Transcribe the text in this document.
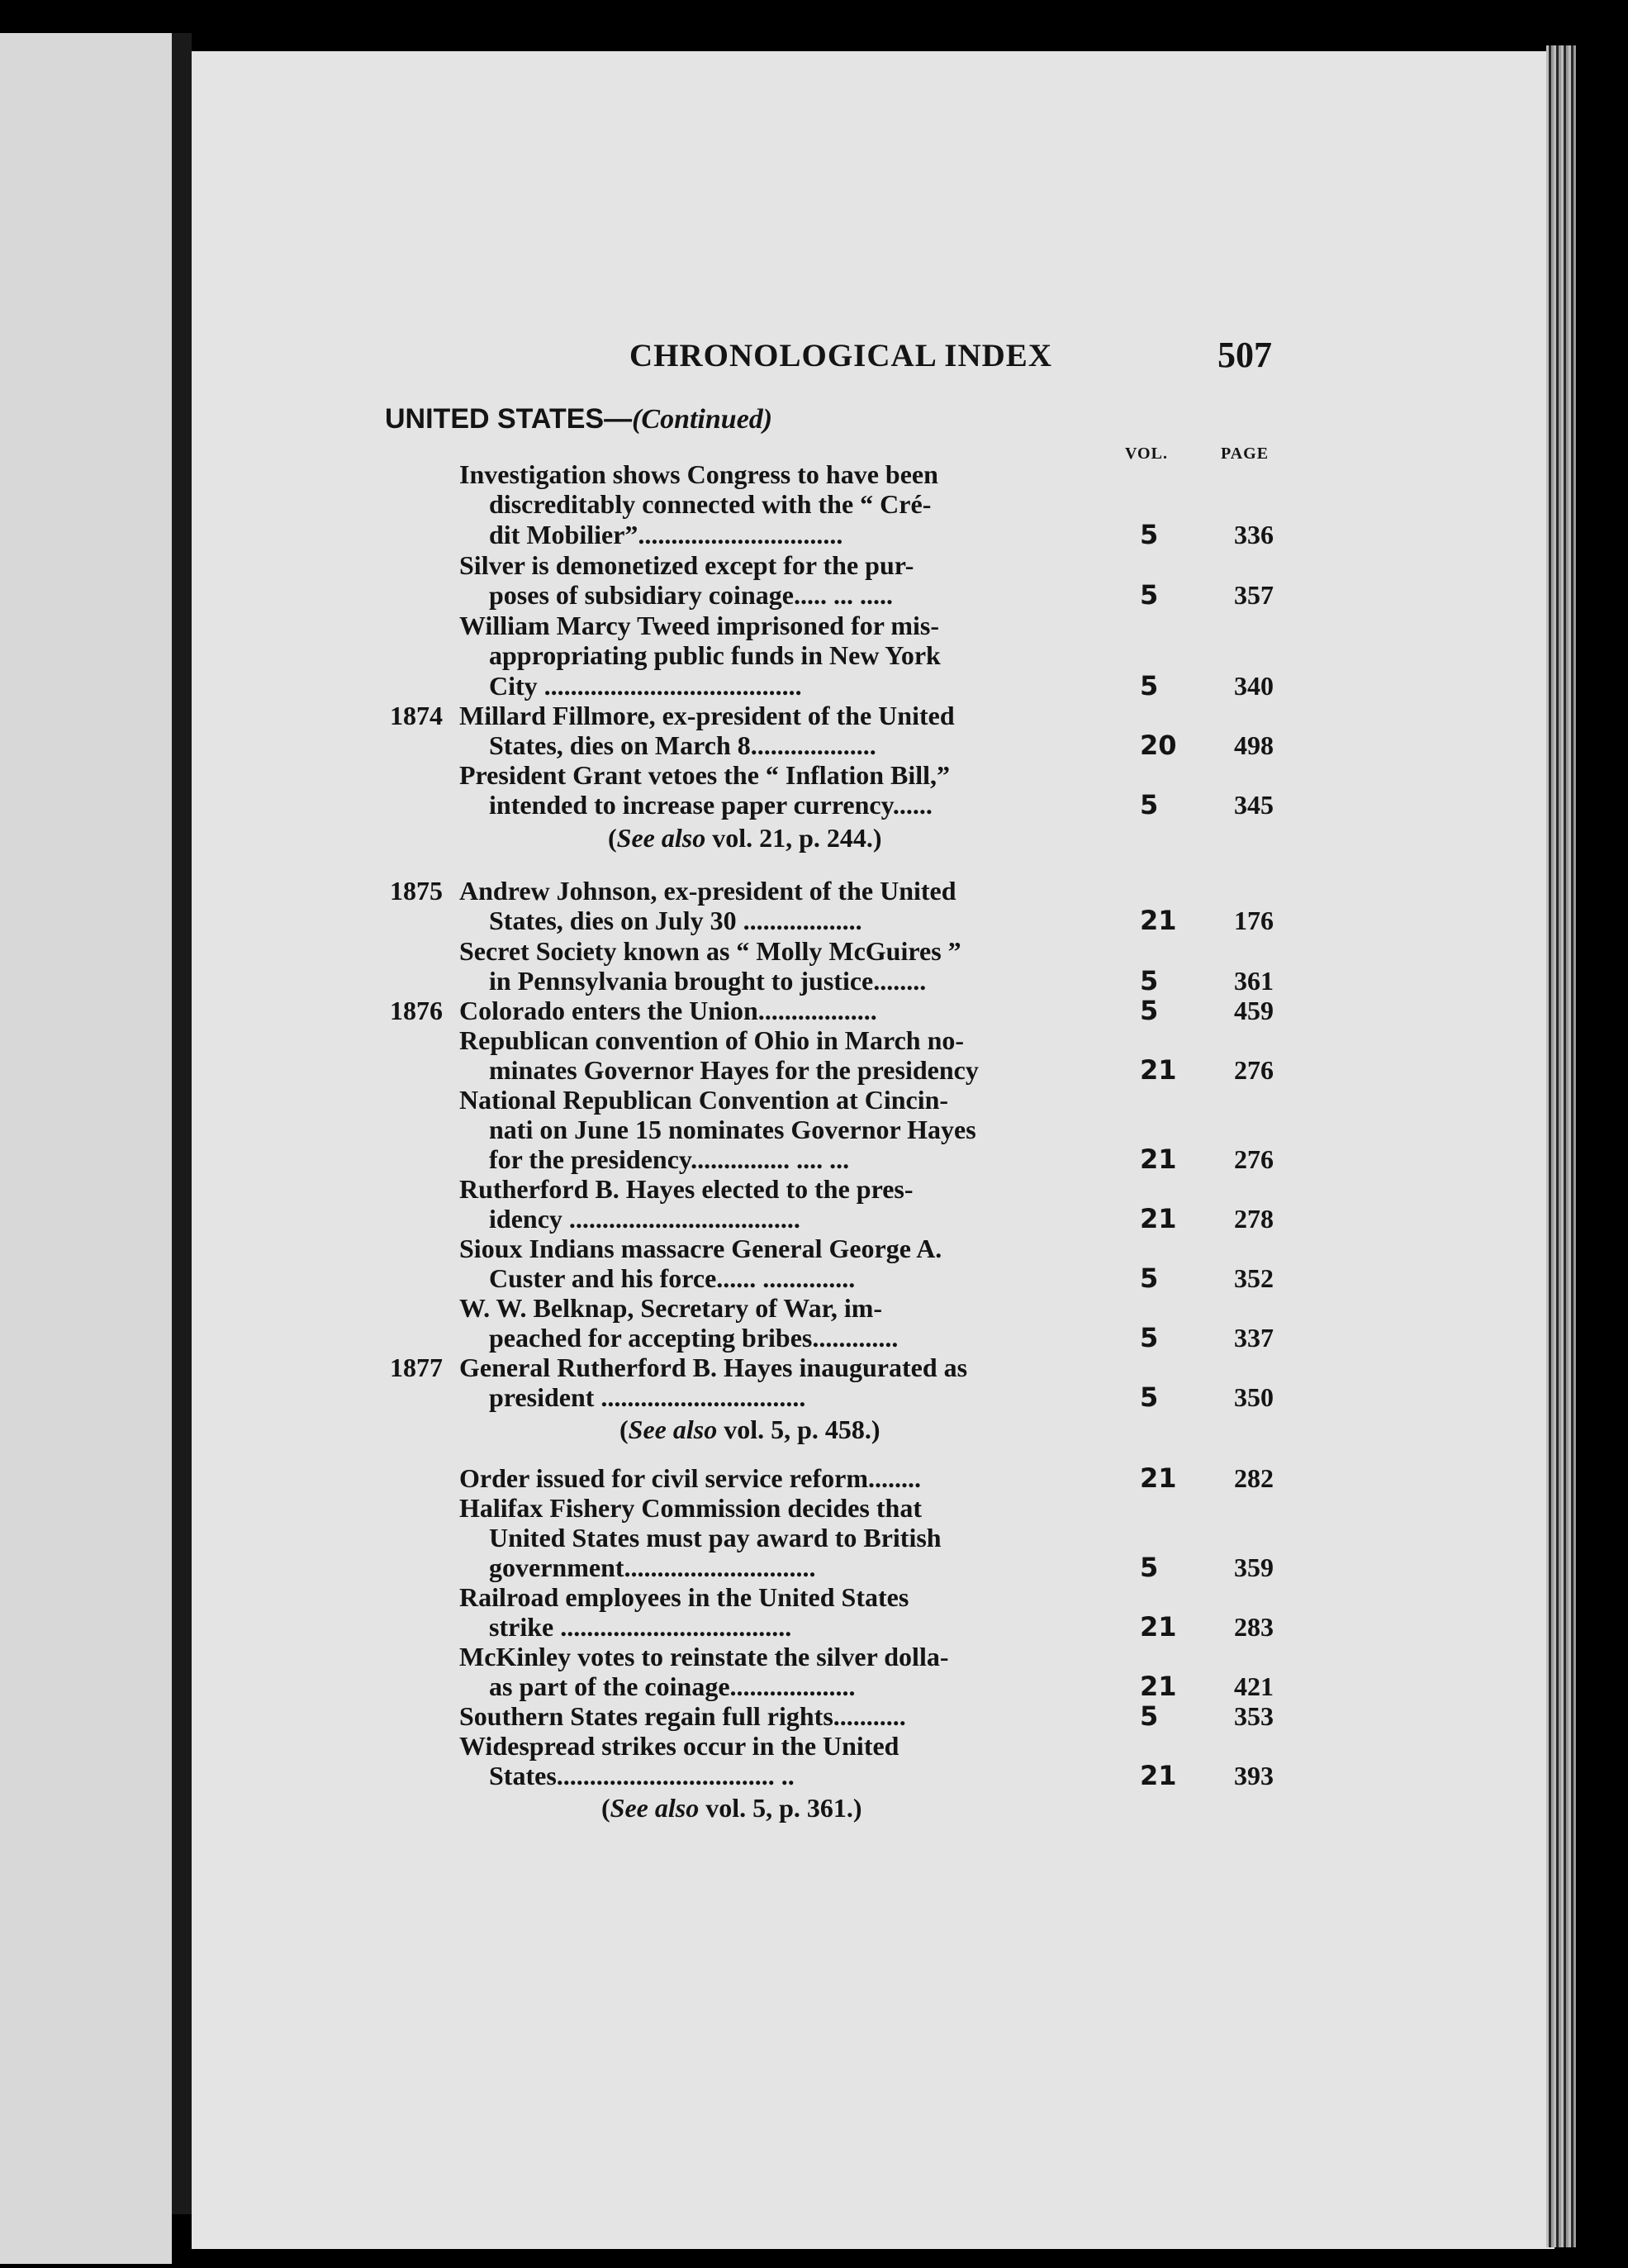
CHRONOLOGICAL INDEX	507
UNITED STATES—(Continued)
VOL.	PAGE
Investigation shows Congress to have been
discreditably connected with the “ Cré-
dit Mobilier”...............................	5	336
Silver is demonetized except for the pur-
poses of subsidiary coinage..... ... .....	5	357
William Marcy Tweed imprisoned for mis-
appropriating public funds in New York
City .......................................	5	340
1874 Millard Fillmore, ex-president of the United
States, dies on March 8...................	20 498
President Grant vetoes the “ Inflation Bill,”
intended to increase paper currency......	5	345
1875 Andrew Johnson, ex-president of the United
States, dies on July 30 ..................	21 176
Secret Society known as “ Molly McGuires ”
in Pennsylvania brought to justice........	5	361
1876 Colorado enters the Union..................	5	459
Republican convention of Ohio in March no-
minates Governor Hayes for the presidency	21 276
National Republican Convention at Cincin-
nati on June 15 nominates Governor Hayes
for the presidency............... .... ...	21 276
Rutherford B. Hayes elected to the pres-
idency ...................................	21 278
Sioux Indians massacre General George A.
Custer and his force...... ..............	5	352
W. W. Belknap, Secretary of War, im-
peached for accepting bribes.............	5	337
1877 General Rutherford B. Hayes inaugurated as
president ...............................	5	350
Order issued for civil service reform........	21 282
Halifax Fishery Commission decides that
United States must pay award to British
government.............................	5	359
Railroad employees in the United States
strike ...................................	21 283
McKinley votes to reinstate the silver dolla-
as part of the coinage...................	21 421
Southern States regain full rights...........	5	353
Widespread strikes occur in the United
States................................. ..	21 393
(See also vol. 21, p. 244.)
(See also vol. 5, p. 458.)
(See also vol. 5, p. 361.)
